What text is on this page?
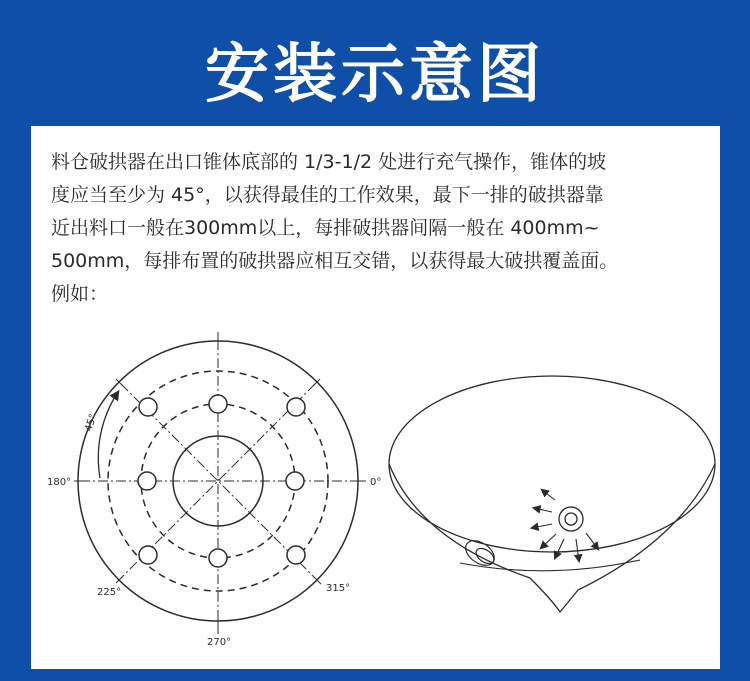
安装示意图

料仓破拱器在出口锥体底部的 1/3-1/2 处进行充气操作，锥体的坡

度应当至少为 45°，以获得最佳的工作效果，最下一排的破拱器靠

近出料口一般在300mm以上，每排破拱器间隔一般在 400mm~

500mm，每排布置的破拱器应相互交错，以获得最大破拱覆盖面。

例如：

0°
45°
180°
225°
270°
315°
